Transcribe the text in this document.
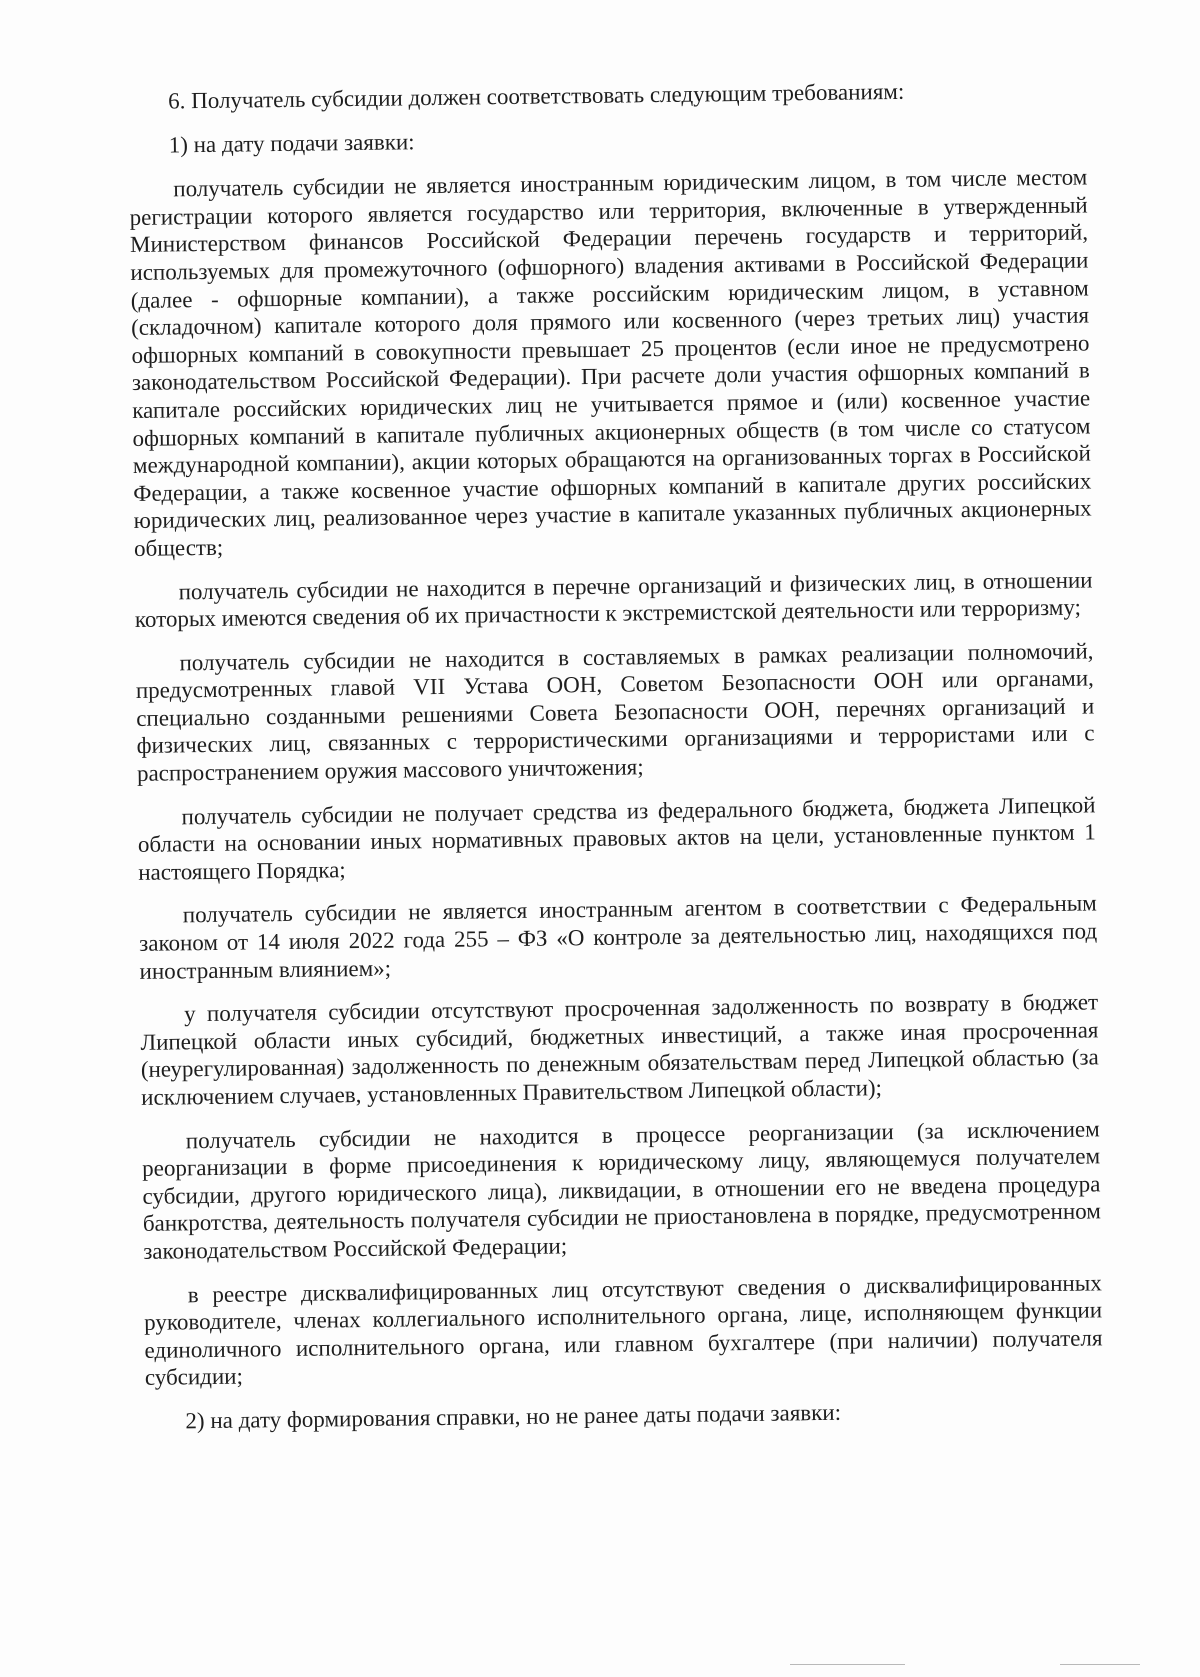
6. Получатель субсидии должен соответствовать следующим требованиям:

1) на дату подачи заявки:

получатель субсидии не является иностранным юридическим лицом, в том числе местом регистрации которого является государство или территория, включенные в утвержденный Министерством финансов Российской Федерации перечень государств и территорий, используемых для промежуточного (офшорного) владения активами в Российской Федерации (далее - офшорные компании), а также российским юридическим лицом, в уставном (складочном) капитале которого доля прямого или косвенного (через третьих лиц) участия офшорных компаний в совокупности превышает 25 процентов (если иное не предусмотрено законодательством Российской Федерации). При расчете доли участия офшорных компаний в капитале российских юридических лиц не учитывается прямое и (или) косвенное участие офшорных компаний в капитале публичных акционерных обществ (в том числе со статусом международной компании), акции которых обращаются на организованных торгах в Российской Федерации, а также косвенное участие офшорных компаний в капитале других российских юридических лиц, реализованное через участие в капитале указанных публичных акционерных обществ;

получатель субсидии не находится в перечне организаций и физических лиц, в отношении которых имеются сведения об их причастности к экстремистской деятельности или терроризму;

получатель субсидии не находится в составляемых в рамках реализации полномочий, предусмотренных главой VII Устава ООН, Советом Безопасности ООН или органами, специально созданными решениями Совета Безопасности ООН, перечнях организаций и физических лиц, связанных с террористическими организациями и террористами или с распространением оружия массового уничтожения;

получатель субсидии не получает средства из федерального бюджета, бюджета Липецкой области на основании иных нормативных правовых актов на цели, установленные пунктом 1 настоящего Порядка;

получатель субсидии не является иностранным агентом в соответствии с Федеральным законом от 14 июля 2022 года 255 – ФЗ «О контроле за деятельностью лиц, находящихся под иностранным влиянием»;

у получателя субсидии отсутствуют просроченная задолженность по возврату в бюджет Липецкой области иных субсидий, бюджетных инвестиций, а также иная просроченная (неурегулированная) задолженность по денежным обязательствам перед Липецкой областью (за исключением случаев, установленных Правительством Липецкой области);

получатель субсидии не находится в процессе реорганизации (за исключением реорганизации в форме присоединения к юридическому лицу, являющемуся получателем субсидии, другого юридического лица), ликвидации, в отношении его не введена процедура банкротства, деятельность получателя субсидии не приостановлена в порядке, предусмотренном законодательством Российской Федерации;

в реестре дисквалифицированных лиц отсутствуют сведения о дисквалифицированных руководителе, членах коллегиального исполнительного органа, лице, исполняющем функции единоличного исполнительного органа, или главном бухгалтере (при наличии) получателя субсидии;

2) на дату формирования справки, но не ранее даты подачи заявки:
